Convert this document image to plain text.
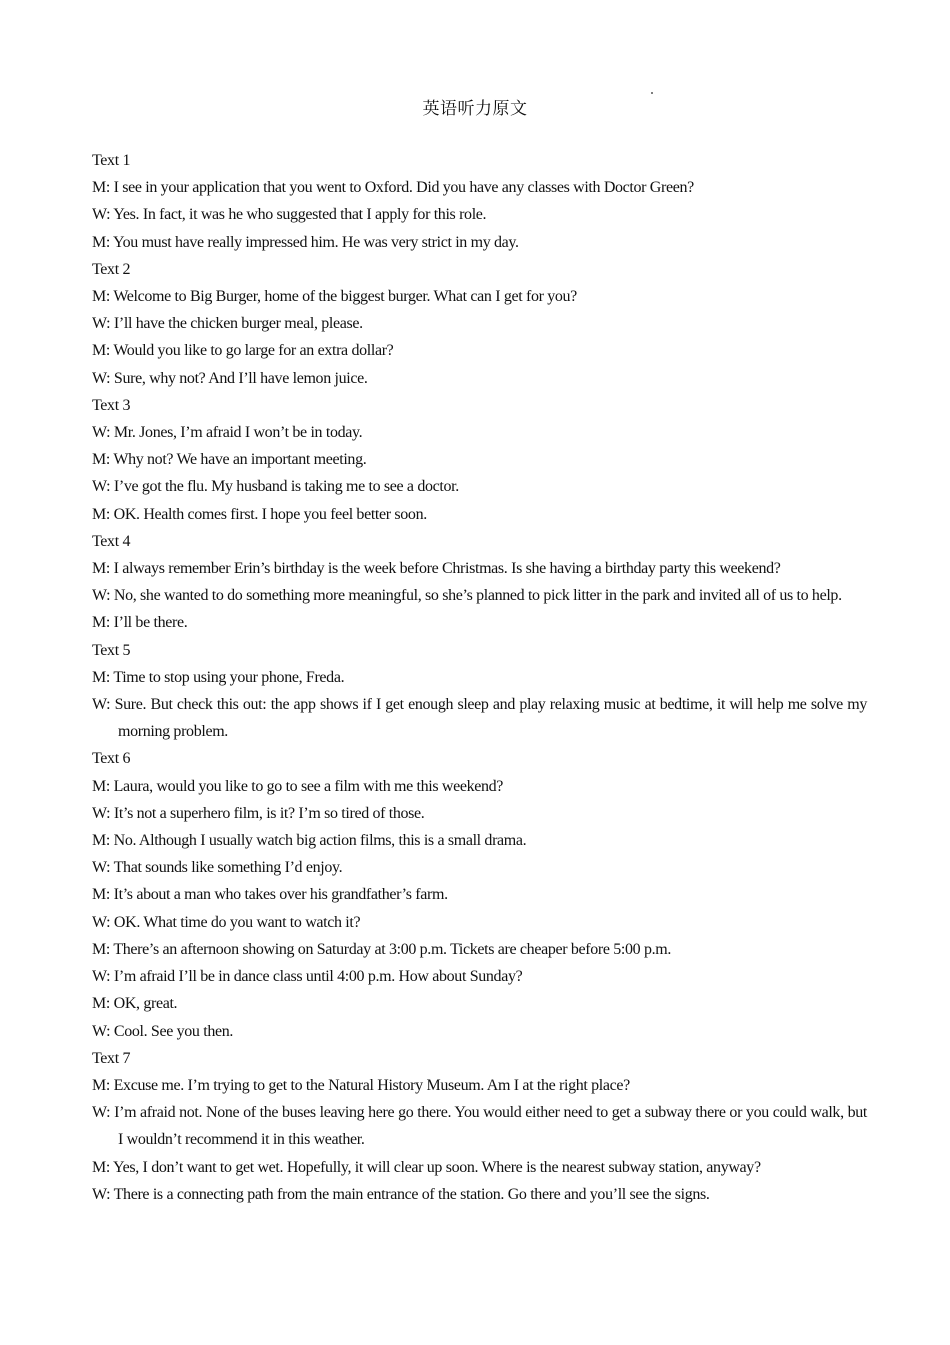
英语听力原文

Text 1

M: I see in your application that you went to Oxford. Did you have any classes with Doctor Green?

W: Yes. In fact, it was he who suggested that I apply for this role.

M: You must have really impressed him. He was very strict in my day.

Text 2

M: Welcome to Big Burger, home of the biggest burger. What can I get for you?

W: I’ll have the chicken burger meal, please.

M: Would you like to go large for an extra dollar?

W: Sure, why not? And I’ll have lemon juice.

Text 3

W: Mr. Jones, I’m afraid I won’t be in today.

M: Why not? We have an important meeting.

W: I’ve got the flu. My husband is taking me to see a doctor.

M: OK. Health comes first. I hope you feel better soon.

Text 4

M: I always remember Erin’s birthday is the week before Christmas. Is she having a birthday party this weekend?

W: No, she wanted to do something more meaningful, so she’s planned to pick litter in the park and invited all of us to help.

M: I’ll be there.

Text 5

M: Time to stop using your phone, Freda.

W: Sure. But check this out: the app shows if I get enough sleep and play relaxing music at bedtime, it will help me solve my morning problem.

Text 6

M: Laura, would you like to go to see a film with me this weekend?

W: It’s not a superhero film, is it? I’m so tired of those.

M: No. Although I usually watch big action films, this is a small drama.

W: That sounds like something I’d enjoy.

M: It’s about a man who takes over his grandfather’s farm.

W: OK. What time do you want to watch it?

M: There’s an afternoon showing on Saturday at 3:00 p.m. Tickets are cheaper before 5:00 p.m.

W: I’m afraid I’ll be in dance class until 4:00 p.m. How about Sunday?

M: OK, great.

W: Cool. See you then.

Text 7

M: Excuse me. I’m trying to get to the Natural History Museum. Am I at the right place?

W: I’m afraid not. None of the buses leaving here go there. You would either need to get a subway there or you could walk, but I wouldn’t recommend it in this weather.

M: Yes, I don’t want to get wet. Hopefully, it will clear up soon. Where is the nearest subway station, anyway?

W: There is a connecting path from the main entrance of the station. Go there and you’ll see the signs.
